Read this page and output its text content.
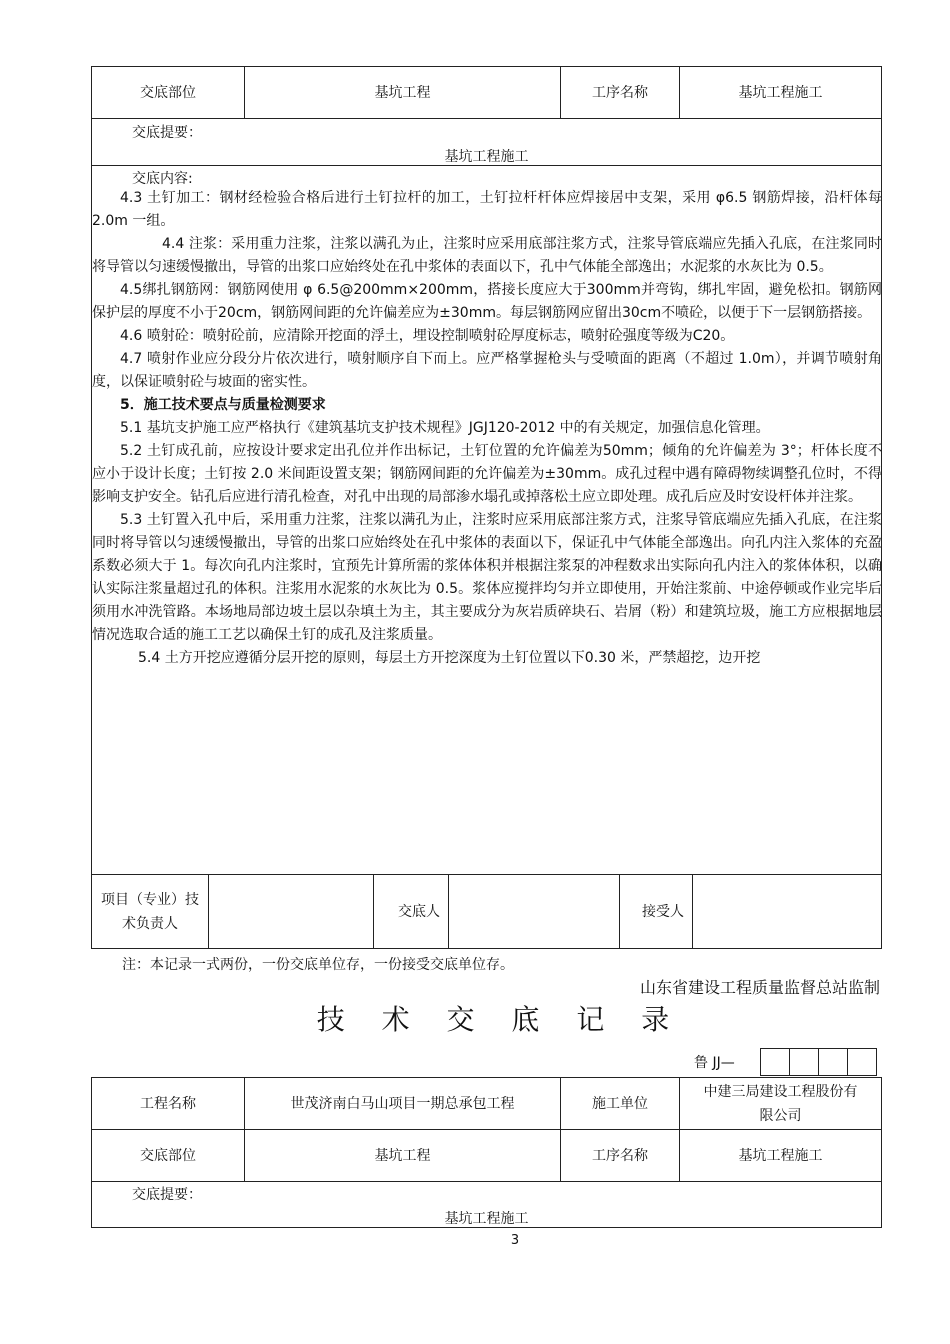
交底部位	基坑工程	工序名称	基坑工程施工
交底提要：
基坑工程施工
交底内容:

4.3 土钉加工：钢材经检验合格后进行土钉拉杆的加工，土钉拉杆杆体应焊接居中支架，采用 φ6.5 钢筋焊接，沿杆体每 2.0m 一组。

4.4 注浆：采用重力注浆，注浆以满孔为止，注浆时应采用底部注浆方式，注浆导管底端应先插入孔底，在注浆同时将导管以匀速缓慢撤出，导管的出浆口应始终处在孔中浆体的表面以下，孔中气体能全部逸出；水泥浆的水灰比为 0.5。

4.5绑扎钢筋网：钢筋网使用 φ 6.5@200mm×200mm，搭接长度应大于300mm并弯钩，绑扎牢固，避免松扣。钢筋网保护层的厚度不小于20cm，钢筋网间距的允许偏差应为±30mm。每层钢筋网应留出30cm不喷砼，以便于下一层钢筋搭接。

4.6 喷射砼：喷射砼前，应清除开挖面的浮土，埋设控制喷射砼厚度标志，喷射砼强度等级为C20。

4.7 喷射作业应分段分片依次进行，喷射顺序自下而上。应严格掌握枪头与受喷面的距离（不超过 1.0m），并调节喷射角度，以保证喷射砼与坡面的密实性。

5．施工技术要点与质量检测要求

5.1 基坑支护施工应严格执行《建筑基坑支护技术规程》JGJ120-2012 中的有关规定，加强信息化管理。

5.2 土钉成孔前，应按设计要求定出孔位并作出标记，土钉位置的允许偏差为50mm；倾角的允许偏差为 3°；杆体长度不应小于设计长度；土钉按 2.0 米间距设置支架；钢筋网间距的允许偏差为±30mm。成孔过程中遇有障碍物续调整孔位时，不得影响支护安全。钻孔后应进行清孔检查，对孔中出现的局部渗水塌孔或掉落松土应立即处理。成孔后应及时安设杆体并注浆。

5.3 土钉置入孔中后，采用重力注浆，注浆以满孔为止，注浆时应采用底部注浆方式，注浆导管底端应先插入孔底，在注浆同时将导管以匀速缓慢撤出，导管的出浆口应始终处在孔中浆体的表面以下，保证孔中气体能全部逸出。向孔内注入浆体的充盈系数必须大于 1。每次向孔内注浆时，宜预先计算所需的浆体体积并根据注浆泵的冲程数求出实际向孔内注入的浆体体积，以确认实际注浆量超过孔的体积。注浆用水泥浆的水灰比为 0.5。浆体应搅拌均匀并立即使用，开始注浆前、中途停顿或作业完毕后须用水冲洗管路。本场地局部边坡土层以杂填土为主，其主要成分为灰岩质碎块石、岩屑（粉）和建筑垃圾，施工方应根据地层情况选取合适的施工工艺以确保土钉的成孔及注浆质量。

5.4 土方开挖应遵循分层开挖的原则，每层土方开挖深度为土钉位置以下0.30 米，严禁超挖，边开挖

项目（专业）技术负责人		交底人		接受人	
注：本记录一式两份，一份交底单位存，一份接受交底单位存。
山东省建设工程质量监督总站监制
技 术 交 底 记 录
鲁 JJ—

工程名称	世茂济南白马山项目一期总承包工程	施工单位	中建三局建设工程股份有限公司
交底部位	基坑工程	工序名称	基坑工程施工
交底提要：
基坑工程施工
3
